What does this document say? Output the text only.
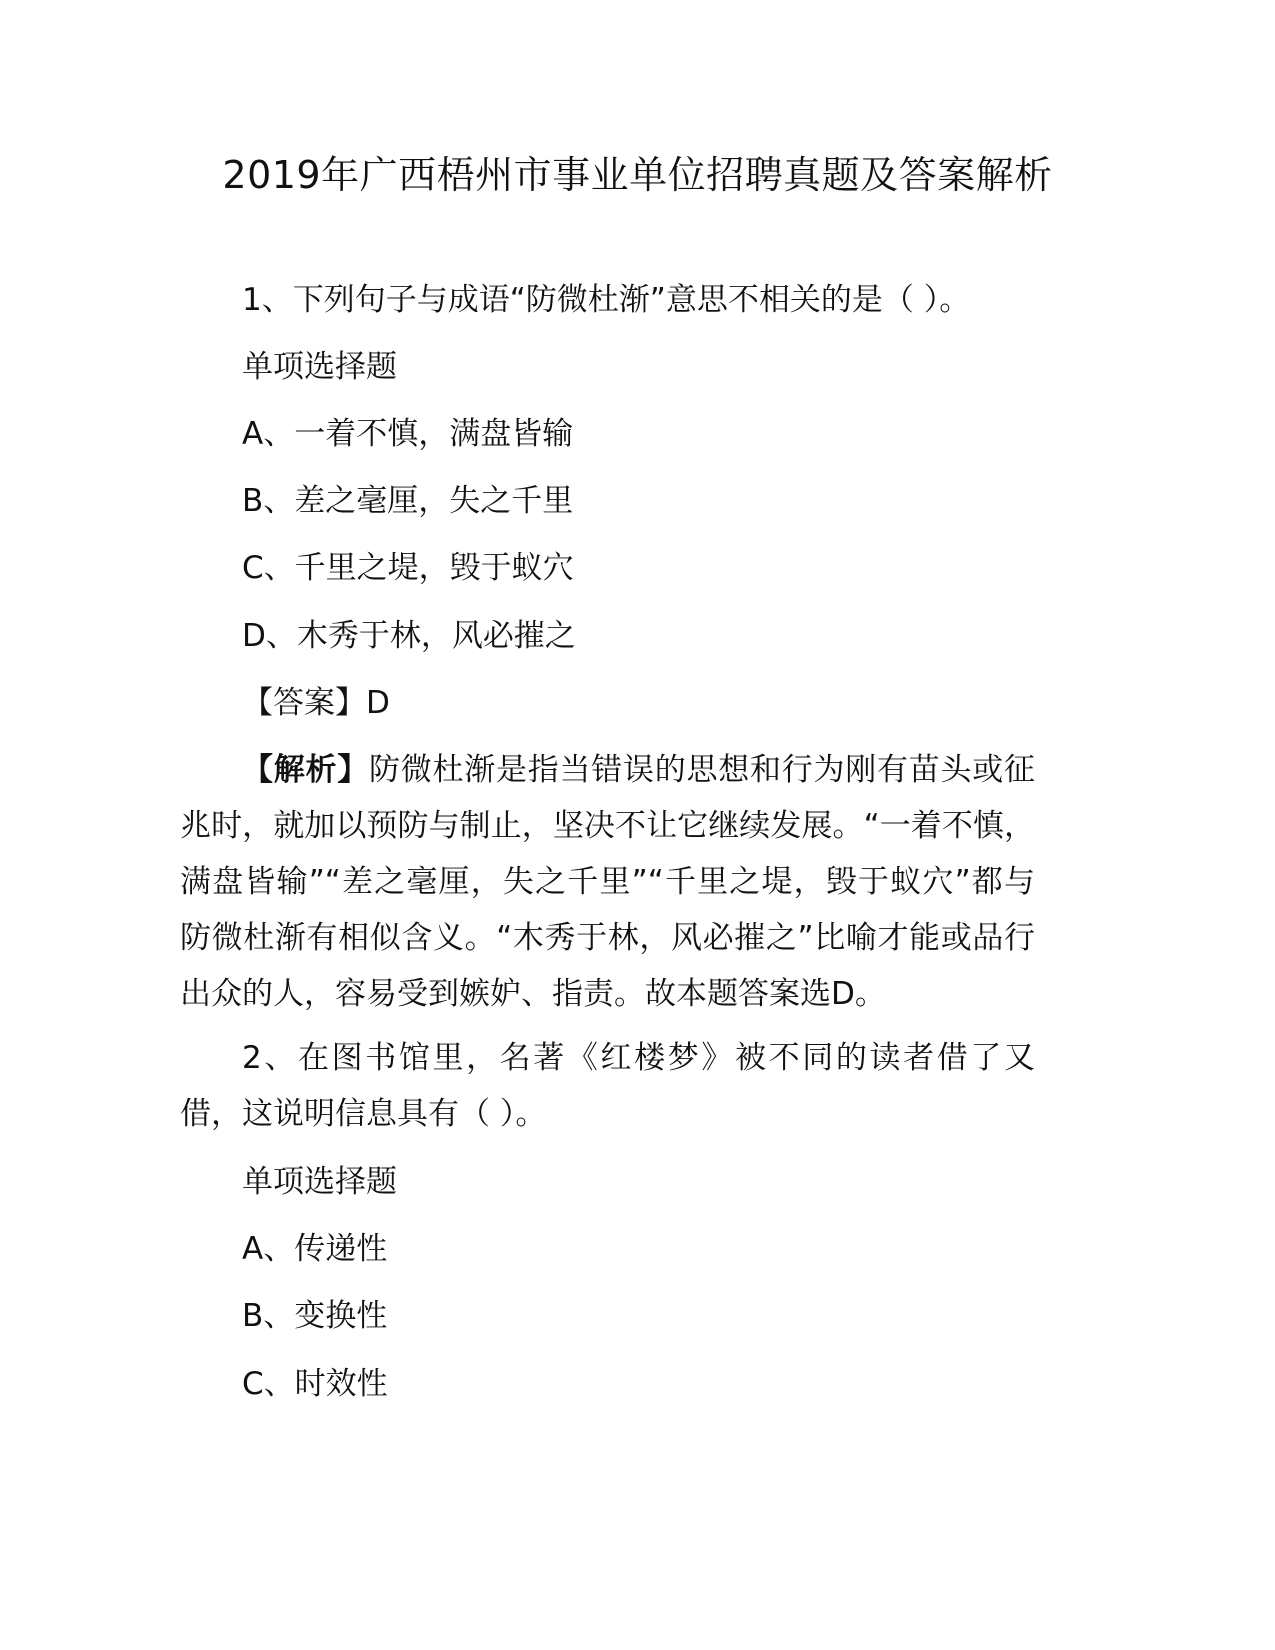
2019年广西梧州市事业单位招聘真题及答案解析
1、下列句子与成语“防微杜渐”意思不相关的是（ ）。
单项选择题
A、一着不慎，满盘皆输
B、差之毫厘，失之千里
C、千里之堤，毁于蚁穴
D、木秀于林，风必摧之
【答案】D

【解析】防微杜渐是指当错误的思想和行为刚有苗头或征兆时，就加以预防与制止，坚决不让它继续发展。“一着不慎，满盘皆输”“差之毫厘，失之千里”“千里之堤，毁于蚁穴”都与防微杜渐有相似含义。“木秀于林，风必摧之”比喻才能或品行出众的人，容易受到嫉妒、指责。故本题答案选D。

2、在图书馆里，名著《红楼梦》被不同的读者借了又借，这说明信息具有（ ）。

单项选择题
A、传递性
B、变换性
C、时效性
